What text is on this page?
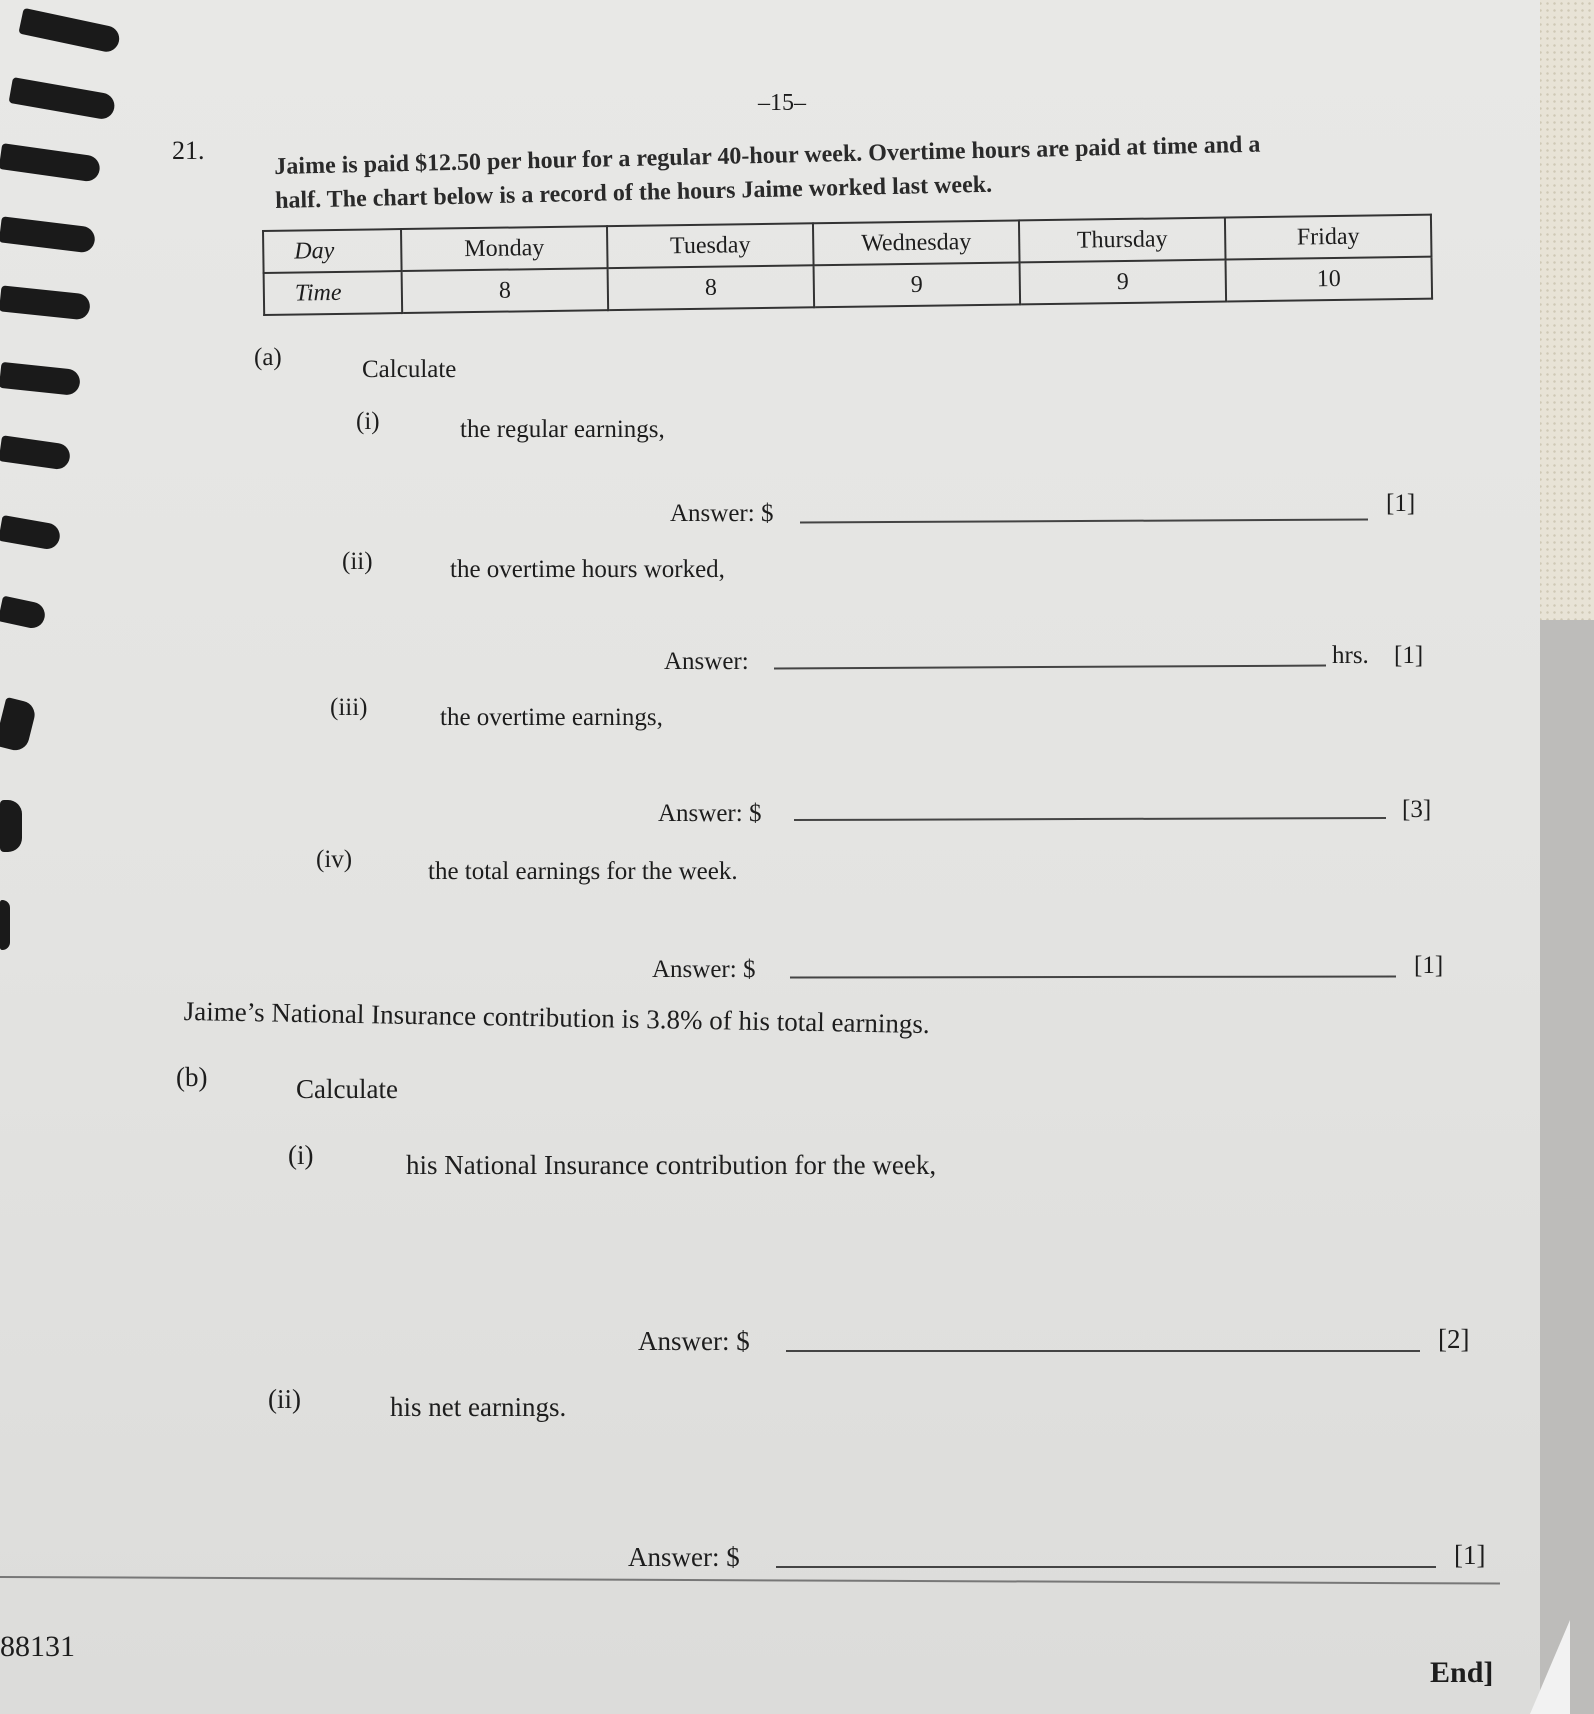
–15–
21.	Jaime is paid $12.50 per hour for a regular 40-hour week. Overtime hours are paid at time and a
half. The chart below is a record of the hours Jaime worked last week.
Day	Monday	Tuesday	Wednesday	Thursday	Friday
Time	8	8	9	9	10
(a)	Calculate
(i)	the regular earnings,
Answer: $	[1]
(ii)	the overtime hours worked,
Answer:	hrs. [1]
(iii)	the overtime earnings,
Answer: $	[3]
(iv)	the total earnings for the week.
Answer: $	[1]
Jaime’s National Insurance contribution is 3.8% of his total earnings.
(b)	Calculate
(i)	his National Insurance contribution for the week,
Answer: $	[2]
(ii)	his net earnings.
Answer: $	[1]
88131
End]
